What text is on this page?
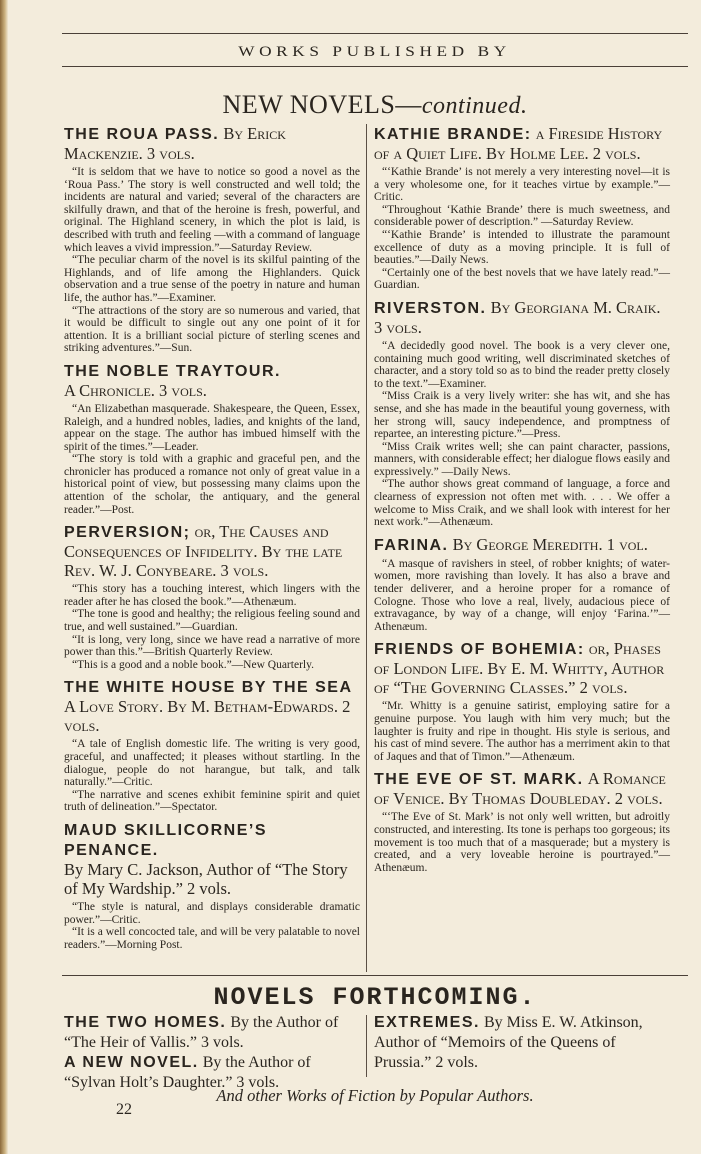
WORKS PUBLISHED BY
NEW NOVELS—continued.
THE ROUA PASS. By Erick Mackenzie. 3 vols.

“It is seldom that we have to notice so good a novel as the ‘Roua Pass.’ The story is well constructed and well told; the incidents are natural and varied; several of the characters are skilfully drawn, and that of the heroine is fresh, powerful, and original. The Highland scenery, in which the plot is laid, is described with truth and feeling —with a command of language which leaves a vivid impression.”—Saturday Review.

“The peculiar charm of the novel is its skilful painting of the Highlands, and of life among the Highlanders. Quick observation and a true sense of the poetry in nature and human life, the author has.”—Examiner.

“The attractions of the story are so numerous and varied, that it would be difficult to single out any one point of it for attention. It is a brilliant social picture of sterling scenes and striking adventures.”—Sun.

THE NOBLE TRAYTOUR.
A Chronicle. 3 vols.

“An Elizabethan masquerade. Shakespeare, the Queen, Essex, Raleigh, and a hundred nobles, ladies, and knights of the land, appear on the stage. The author has imbued himself with the spirit of the times.”—Leader.

“The story is told with a graphic and graceful pen, and the chronicler has produced a romance not only of great value in a historical point of view, but possessing many claims upon the attention of the scholar, the antiquary, and the general reader.”—Post.

PERVERSION; or, The Causes and Consequences of Infidelity. By the late Rev. W. J. Conybeare. 3 vols.

“This story has a touching interest, which lingers with the reader after he has closed the book.”—Athenæum.

“The tone is good and healthy; the religious feeling sound and true, and well sustained.”—Guardian.

“It is long, very long, since we have read a narrative of more power than this.”—British Quarterly Review.

“This is a good and a noble book.”—New Quarterly.

THE WHITE HOUSE BY THE SEA
A Love Story. By M. Betham-Edwards. 2 vols.

“A tale of English domestic life. The writing is very good, graceful, and unaffected; it pleases without startling. In the dialogue, people do not harangue, but talk, and talk naturally.”—Critic.

“The narrative and scenes exhibit feminine spirit and quiet truth of delineation.”—Spectator.

MAUD SKILLICORNE’S PENANCE.
By Mary C. Jackson, Author of “The Story of My Wardship.” 2 vols.

“The style is natural, and displays considerable dramatic power.”—Critic.

“It is a well concocted tale, and will be very palatable to novel readers.”—Morning Post.

KATHIE BRANDE: a Fireside History of a Quiet Life. By Holme Lee. 2 vols.

“‘Kathie Brande’ is not merely a very interesting novel—it is a very wholesome one, for it teaches virtue by example.”—Critic.

“Throughout ‘Kathie Brande’ there is much sweetness, and considerable power of description.” —Saturday Review.

“‘Kathie Brande’ is intended to illustrate the paramount excellence of duty as a moving principle. It is full of beauties.”—Daily News.

“Certainly one of the best novels that we have lately read.”—Guardian.

RIVERSTON. By Georgiana M. Craik. 3 vols.

“A decidedly good novel. The book is a very clever one, containing much good writing, well discriminated sketches of character, and a story told so as to bind the reader pretty closely to the text.”—Examiner.

“Miss Craik is a very lively writer: she has wit, and she has sense, and she has made in the beautiful young governess, with her strong will, saucy independence, and promptness of repartee, an interesting picture.”—Press.

“Miss Craik writes well; she can paint character, passions, manners, with considerable effect; her dialogue flows easily and expressively.” —Daily News.

“The author shows great command of language, a force and clearness of expression not often met with. . . . We offer a welcome to Miss Craik, and we shall look with interest for her next work.”—Athenæum.

FARINA. By George Meredith. 1 vol.

“A masque of ravishers in steel, of robber knights; of water-women, more ravishing than lovely. It has also a brave and tender deliverer, and a heroine proper for a romance of Cologne. Those who love a real, lively, audacious piece of extravagance, by way of a change, will enjoy ‘Farina.’”—Athenæum.

FRIENDS OF BOHEMIA: or, Phases of London Life. By E. M. Whitty, Author of “The Governing Classes.” 2 vols.

“Mr. Whitty is a genuine satirist, employing satire for a genuine purpose. You laugh with him very much; but the laughter is fruity and ripe in thought. His style is serious, and his cast of mind severe. The author has a merriment akin to that of Jaques and that of Timon.”—Athenæum.

THE EVE OF ST. MARK. A Romance of Venice. By Thomas Doubleday. 2 vols.

“‘The Eve of St. Mark’ is not only well written, but adroitly constructed, and interesting. Its tone is perhaps too gorgeous; its movement is too much that of a masquerade; but a mystery is created, and a very loveable heroine is pourtrayed.”—Athenæum.

NOVELS FORTHCOMING.
THE TWO HOMES. By the Author of “The Heir of Vallis.” 3 vols.
A NEW NOVEL. By the Author of “Sylvan Holt’s Daughter.” 3 vols.
EXTREMES. By Miss E. W. Atkinson, Author of “Memoirs of the Queens of Prussia.” 2 vols.
And other Works of Fiction by Popular Authors.
22
